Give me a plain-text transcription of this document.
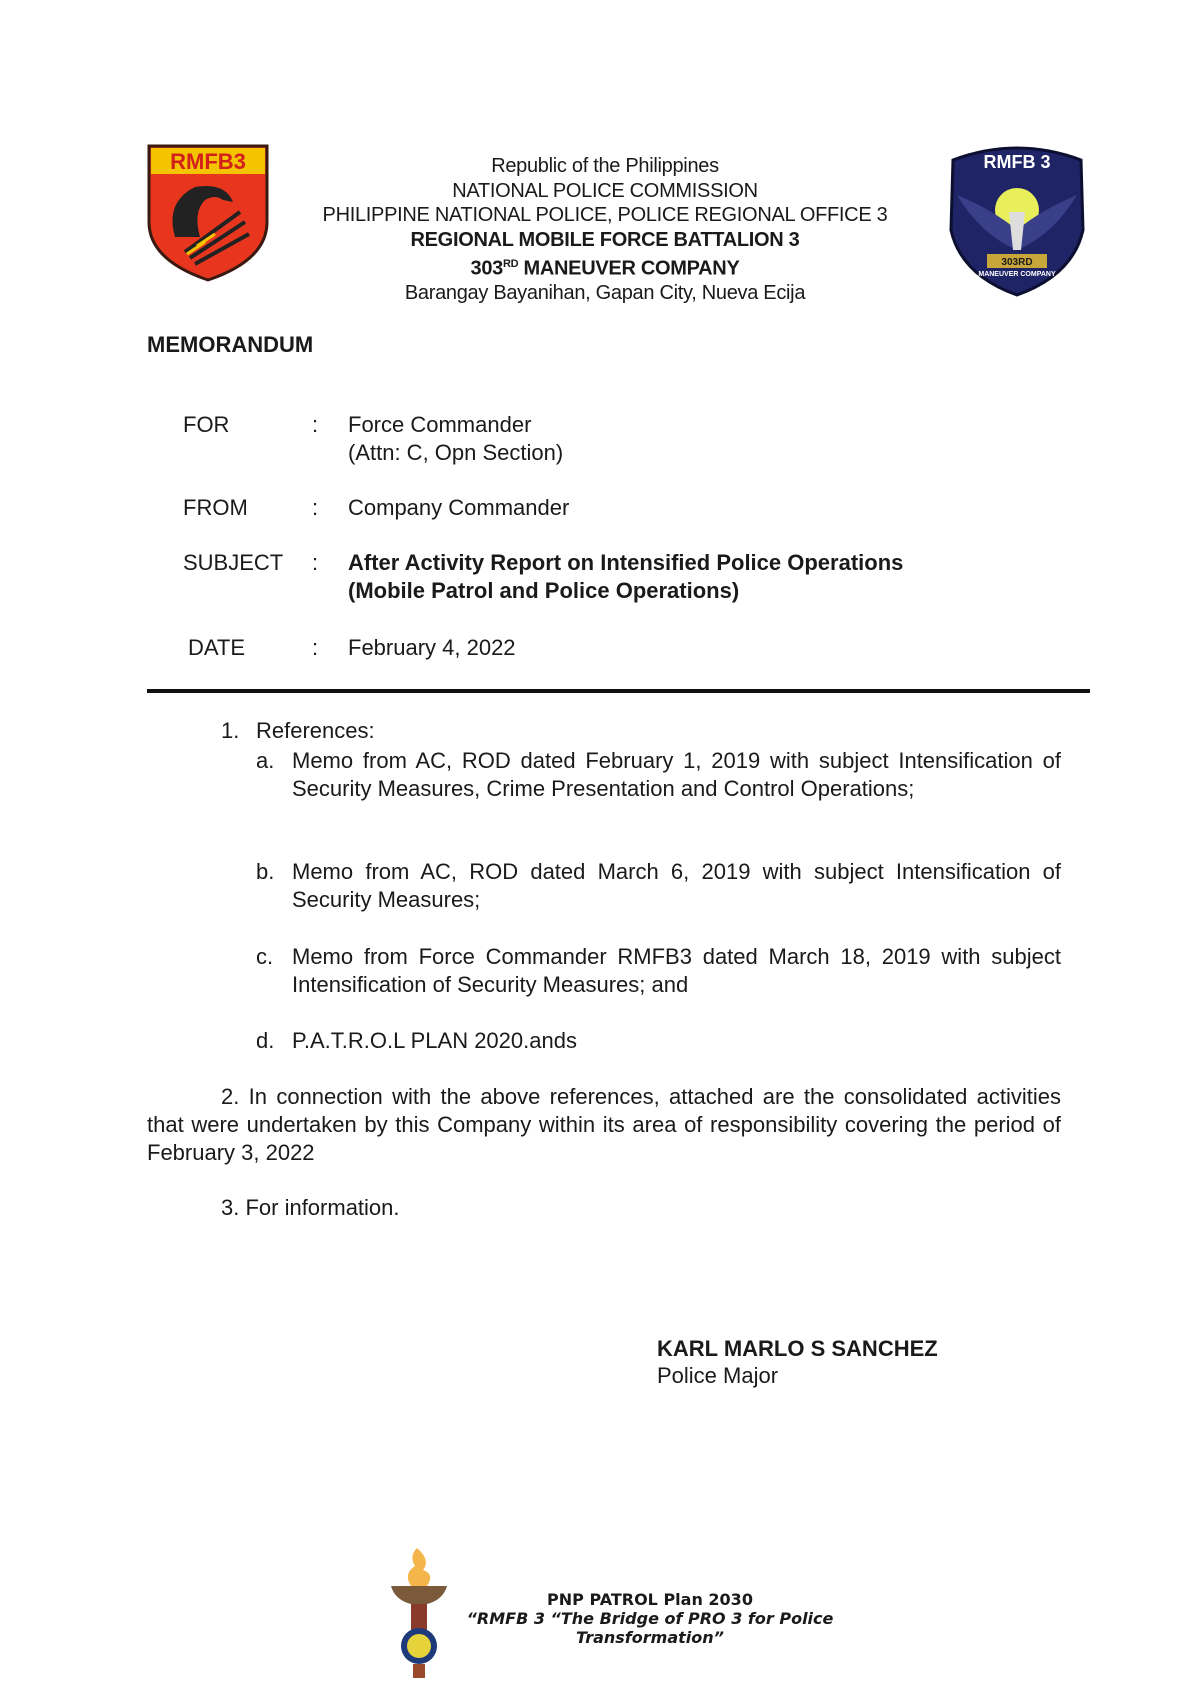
RMFB3	Republic of the Philippines
NATIONAL POLICE COMMISSION
PHILIPPINE NATIONAL POLICE, POLICE REGIONAL OFFICE 3
REGIONAL MOBILE FORCE BATTALION 3
303RD MANEUVER COMPANY
Barangay Bayanihan, Gapan City, Nueva Ecija
RMFB 3
303RD MANEUVER COMPANY
MEMORANDUM
FOR	: Force Commander
(Attn: C, Opn Section)
FROM	: Company Commander
SUBJECT : After Activity Report on Intensified Police Operations
(Mobile Patrol and Police Operations)
DATE	: February 4, 2022
1. References:
a. Memo from AC, ROD dated February 1, 2019 with subject Intensification of Security Measures, Crime Presentation and Control Operations;
b. Memo from AC, ROD dated March 6, 2019 with subject Intensification of Security Measures;
c. Memo from Force Commander RMFB3 dated March 18, 2019 with subject Intensification of Security Measures; and
d. P.A.T.R.O.L PLAN 2020.ands
2. In connection with the above references, attached are the consolidated activities that were undertaken by this Company within its area of responsibility covering the period of February 3, 2022
3. For information.
KARL MARLO S SANCHEZ
Police Major
PNP PATROL Plan 2030
“RMFB 3 “The Bridge of PRO 3 for Police Transformation”
